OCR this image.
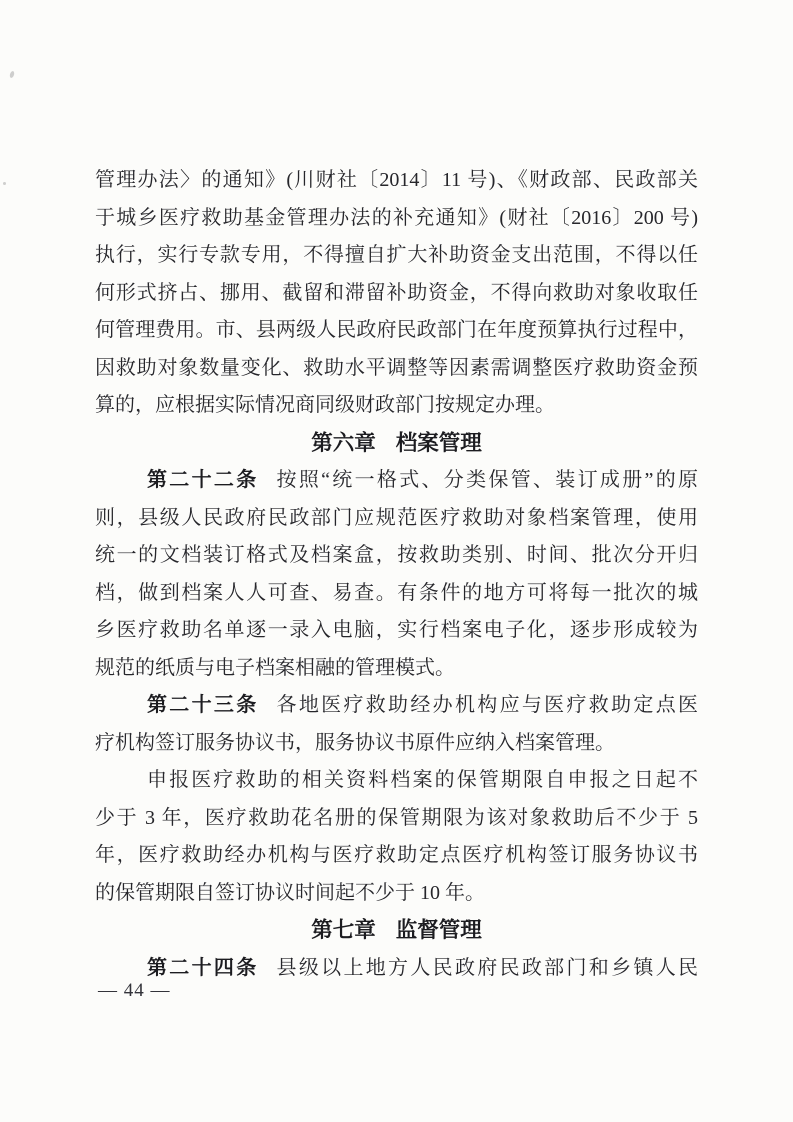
管理办法〉的通知》(川财社〔2014〕11 号)、《财政部、民政部关
于城乡医疗救助基金管理办法的补充通知》(财社〔2016〕200 号)
执行，实行专款专用，不得擅自扩大补助资金支出范围，不得以任
何形式挤占、挪用、截留和滞留补助资金，不得向救助对象收取任
何管理费用。市、县两级人民政府民政部门在年度预算执行过程中，
因救助对象数量变化、救助水平调整等因素需调整医疗救助资金预
算的，应根据实际情况商同级财政部门按规定办理。
第六章 档案管理
第二十二条 按照“统一格式、分类保管、装订成册”的原
则，县级人民政府民政部门应规范医疗救助对象档案管理，使用
统一的文档装订格式及档案盒，按救助类别、时间、批次分开归
档，做到档案人人可查、易查。有条件的地方可将每一批次的城
乡医疗救助名单逐一录入电脑，实行档案电子化，逐步形成较为
规范的纸质与电子档案相融的管理模式。
第二十三条 各地医疗救助经办机构应与医疗救助定点医
疗机构签订服务协议书，服务协议书原件应纳入档案管理。
申报医疗救助的相关资料档案的保管期限自申报之日起不
少于 3 年，医疗救助花名册的保管期限为该对象救助后不少于 5
年，医疗救助经办机构与医疗救助定点医疗机构签订服务协议书
的保管期限自签订协议时间起不少于 10 年。
第七章 监督管理
第二十四条 县级以上地方人民政府民政部门和乡镇人民
— 44 —
